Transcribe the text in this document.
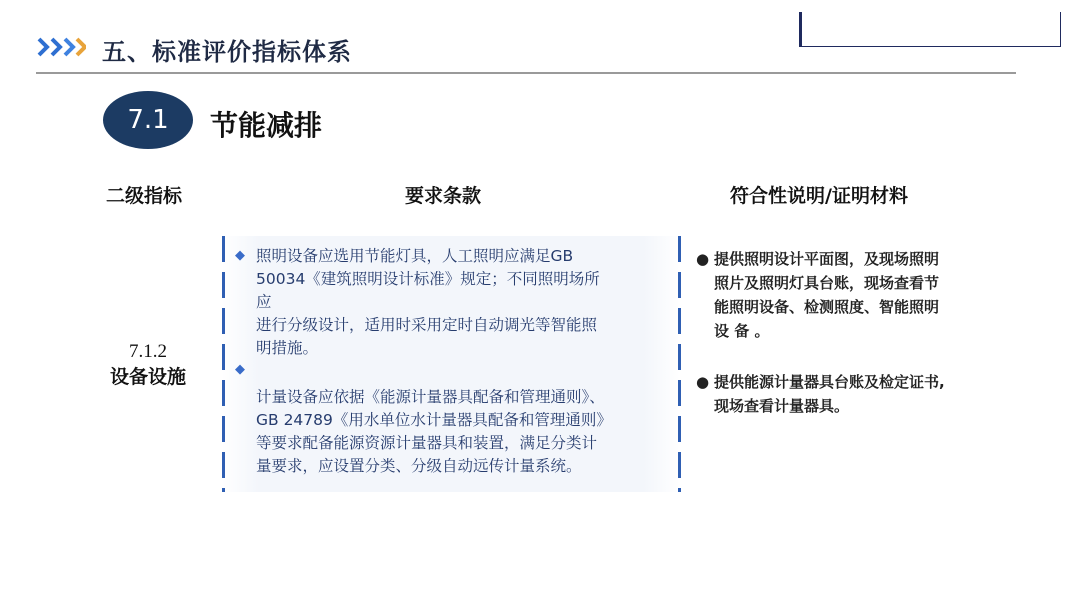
五、标准评价指标体系
7.1 节能减排
二级指标	要求条款	符合性说明/证明材料
7.1.2
设备设施
◆ 照明设备应选用节能灯具，人工照明应满足GB
50034《建筑照明设计标准》规定；不同照明场所
应
进行分级设计，适用时采用定时自动调光等智能照
明措施。
◆
计量设备应依据《能源计量器具配备和管理通则》、
GB 24789《用水单位水计量器具配备和管理通则》
等要求配备能源资源计量器具和装置，满足分类计
量要求，应设置分类、分级自动远传计量系统。
● 提供照明设计平面图，及现场照明
照片及照明灯具台账，现场查看节
能照明设备、检测照度、智能照明
设 备 。
● 提供能源计量器具台账及检定证书,
现场查看计量器具。
